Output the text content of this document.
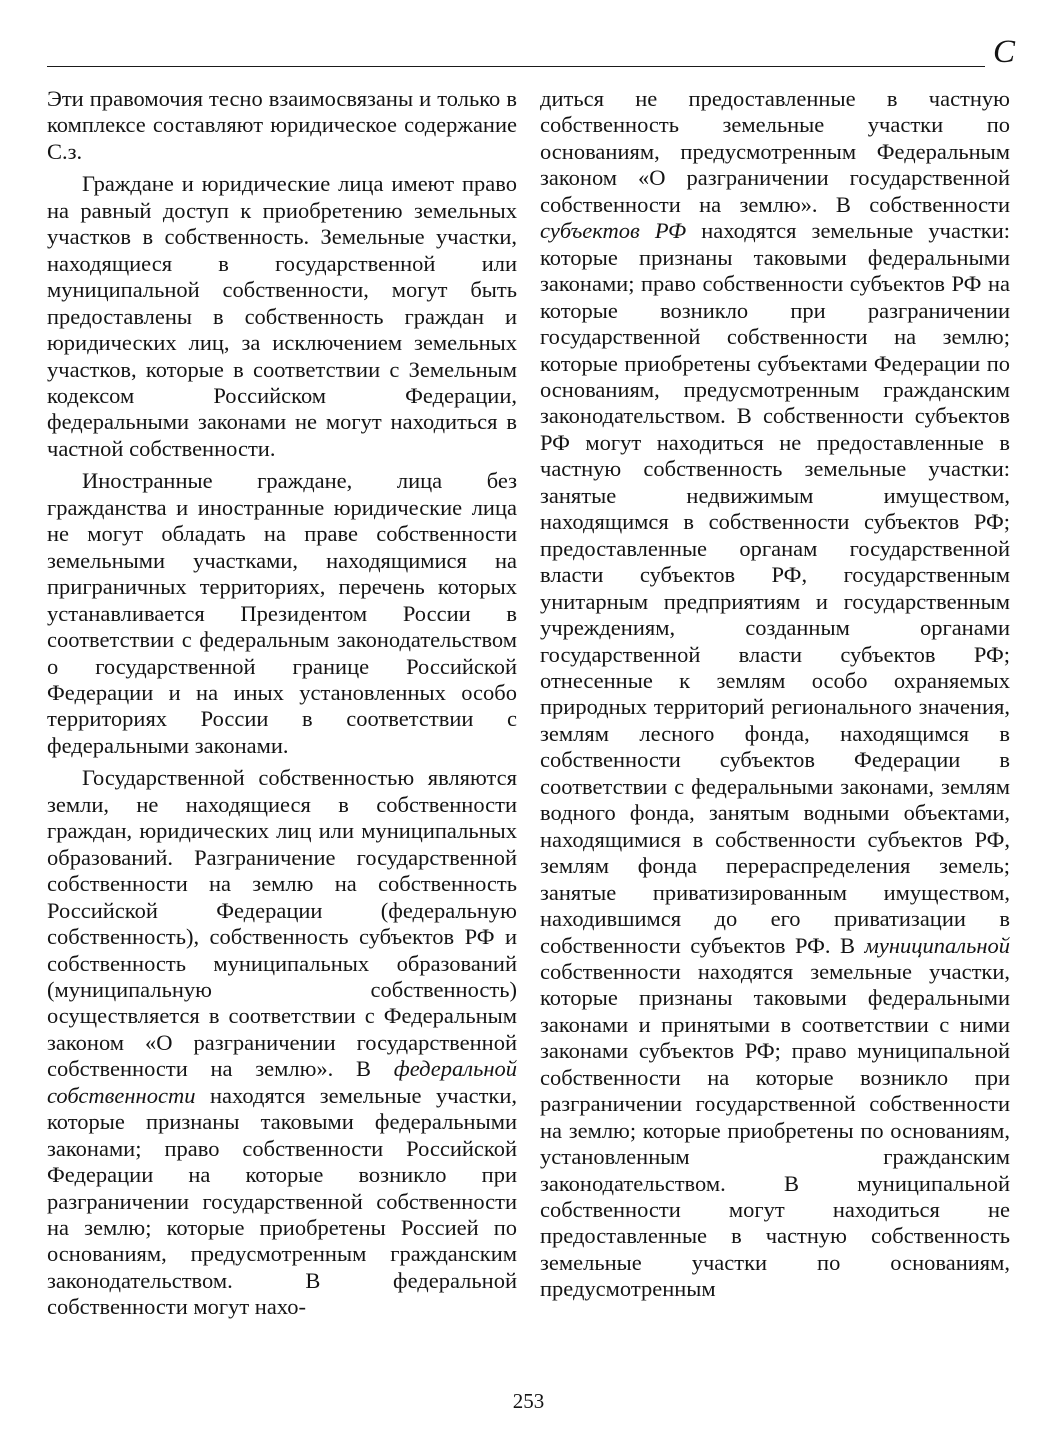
C

Эти правомочия тесно взаимосвязаны и только в комплексе составляют юридическое содержание С.з.

Граждане и юридические лица имеют право на равный доступ к приобретению земельных участков в собственность. Земельные участки, находящиеся в государственной или муниципальной собственности, могут быть предоставлены в собственность граждан и юридических лиц, за исключением земельных участков, которые в соответствии с Земельным кодексом Российском Федерации, федеральными законами не могут находиться в частной собственности.

Иностранные граждане, лица без гражданства и иностранные юридические лица не могут обладать на праве собственности земельными участками, находящимися на приграничных территориях, перечень которых устанавливается Президентом России в соответствии с федеральным законодательством о государственной границе Российской Федерации и на иных установленных особо территориях России в соответствии с федеральными законами.

Государственной собственностью являются земли, не находящиеся в собственности граждан, юридических лиц или муниципальных образований. Разграничение государственной собственности на землю на собственность Российской Федерации (федеральную собственность), собственность субъектов РФ и собственность муниципальных образований (муниципальную собственность) осуществляется в соответствии с Федеральным законом «О разграничении государственной собственности на землю». В федеральной собственности находятся земельные участки, которые признаны таковыми федеральными законами; право собственности Российской Федерации на которые возникло при разграничении государственной собственности на землю; которые приобретены Россией по основаниям, предусмотренным гражданским законодательством. В федеральной собственности могут нахо-

диться не предоставленные в частную собственность земельные участки по основаниям, предусмотренным Федеральным законом «О разграничении государственной собственности на землю». В собственности субъектов РФ находятся земельные участки: которые признаны таковыми федеральными законами; право собственности субъектов РФ на которые возникло при разграничении государственной собственности на землю; которые приобретены субъектами Федерации по основаниям, предусмотренным гражданским законодательством. В собственности субъектов РФ могут находиться не предоставленные в частную собственность земельные участки: занятые недвижимым имуществом, находящимся в собственности субъектов РФ; предоставленные органам государственной власти субъектов РФ, государственным унитарным предприятиям и государственным учреждениям, созданным органами государственной власти субъектов РФ; отнесенные к землям особо охраняемых природных территорий регионального значения, землям лесного фонда, находящимся в собственности субъектов Федерации в соответствии с федеральными законами, землям водного фонда, занятым водными объектами, находящимися в собственности субъектов РФ, землям фонда перераспределения земель; занятые приватизированным имуществом, находившимся до его приватизации в собственности субъектов РФ. В муниципальной собственности находятся земельные участки, которые признаны таковыми федеральными законами и принятыми в соответствии с ними законами субъектов РФ; право муниципальной собственности на которые возникло при разграничении государственной собственности на землю; которые приобретены по основаниям, установленным гражданским законодательством. В муниципальной собственности могут находиться не предоставленные в частную собственность земельные участки по основаниям, предусмотренным

253
